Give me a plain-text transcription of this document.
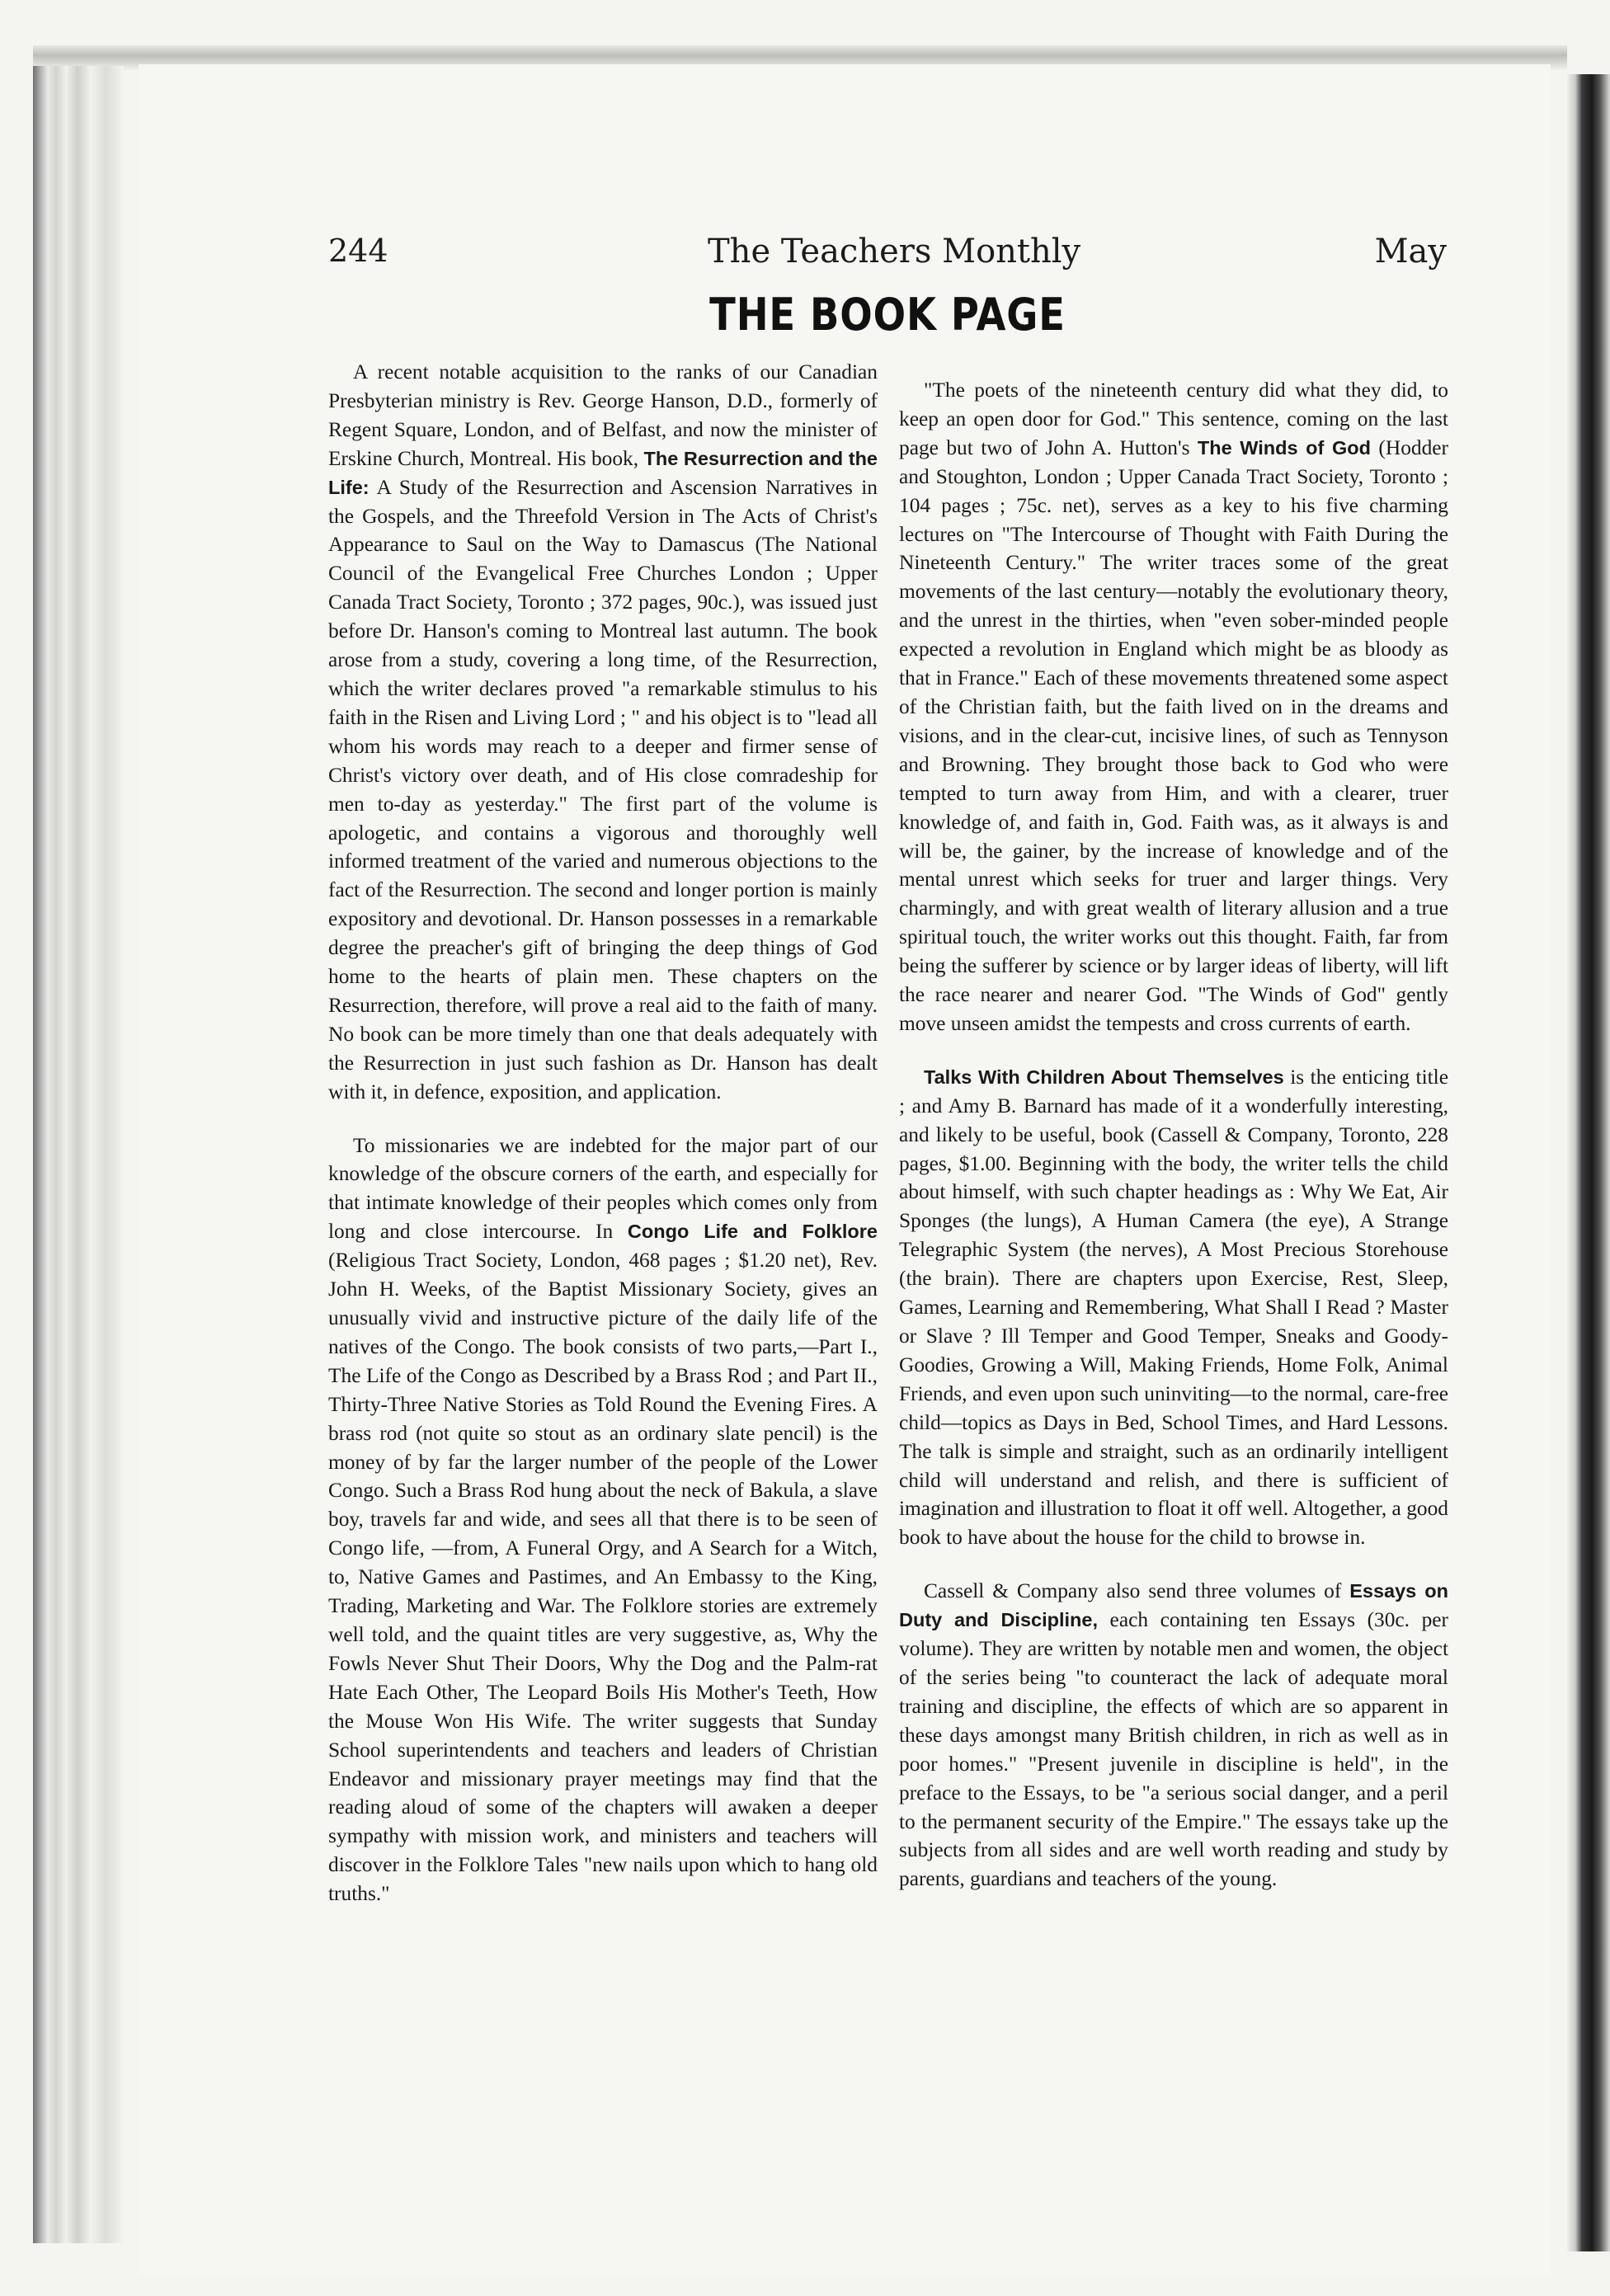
244	The Teachers Monthly	May
THE BOOK PAGE

A recent notable acquisition to the ranks of our Canadian Presbyterian ministry is Rev. George Hanson, D.D., formerly of Regent Square, London, and of Belfast, and now the minister of Erskine Church, Montreal. His book, The Resurrection and the Life: A Study of the Resurrection and Ascension Narratives in the Gospels, and the Threefold Version in The Acts of Christ's Appearance to Saul on the Way to Damascus (The National Council of the Evangelical Free Churches London ; Upper Canada Tract Society, Toronto ; 372 pages, 90c.), was issued just before Dr. Hanson's coming to Montreal last autumn. The book arose from a study, covering a long time, of the Resurrection, which the writer declares proved "a remarkable stimulus to his faith in the Risen and Living Lord ; " and his object is to "lead all whom his words may reach to a deeper and firmer sense of Christ's victory over death, and of His close comradeship for men to-day as yesterday." The first part of the volume is apologetic, and contains a vigorous and thoroughly well informed treatment of the varied and numerous objections to the fact of the Resurrection. The second and longer portion is mainly expository and devotional. Dr. Hanson possesses in a remarkable degree the preacher's gift of bringing the deep things of God home to the hearts of plain men. These chapters on the Resurrection, therefore, will prove a real aid to the faith of many. No book can be more timely than one that deals adequately with the Resurrection in just such fashion as Dr. Hanson has dealt with it, in defence, exposition, and application.

To missionaries we are indebted for the major part of our knowledge of the obscure corners of the earth, and especially for that intimate knowledge of their peoples which comes only from long and close intercourse. In Congo Life and Folklore (Religious Tract Society, London, 468 pages ; $1.20 net), Rev. John H. Weeks, of the Baptist Missionary Society, gives an unusually vivid and instructive picture of the daily life of the natives of the Congo. The book consists of two parts,—Part I., The Life of the Congo as Described by a Brass Rod ; and Part II., Thirty-Three Native Stories as Told Round the Evening Fires. A brass rod (not quite so stout as an ordinary slate pencil) is the money of by far the larger number of the people of the Lower Congo. Such a Brass Rod hung about the neck of Bakula, a slave boy, travels far and wide, and sees all that there is to be seen of Congo life, —from, A Funeral Orgy, and A Search for a Witch, to, Native Games and Pastimes, and An Embassy to the King, Trading, Marketing and War. The Folklore stories are extremely well told, and the quaint titles are very suggestive, as, Why the Fowls Never Shut Their Doors, Why the Dog and the Palm-rat Hate Each Other, The Leopard Boils His Mother's Teeth, How the Mouse Won His Wife. The writer suggests that Sunday School superintendents and teachers and leaders of Christian Endeavor and missionary prayer meetings may find that the reading aloud of some of the chapters will awaken a deeper sympathy with mission work, and ministers and teachers will discover in the Folklore Tales "new nails upon which to hang old truths."

"The poets of the nineteenth century did what they did, to keep an open door for God." This sentence, coming on the last page but two of John A. Hutton's The Winds of God (Hodder and Stoughton, London ; Upper Canada Tract Society, Toronto ; 104 pages ; 75c. net), serves as a key to his five charming lectures on "The Intercourse of Thought with Faith During the Nineteenth Century." The writer traces some of the great movements of the last century—notably the evolutionary theory, and the unrest in the thirties, when "even sober-minded people expected a revolution in England which might be as bloody as that in France." Each of these movements threatened some aspect of the Christian faith, but the faith lived on in the dreams and visions, and in the clear-cut, incisive lines, of such as Tennyson and Browning. They brought those back to God who were tempted to turn away from Him, and with a clearer, truer knowledge of, and faith in, God. Faith was, as it always is and will be, the gainer, by the increase of knowledge and of the mental unrest which seeks for truer and larger things. Very charmingly, and with great wealth of literary allusion and a true spiritual touch, the writer works out this thought. Faith, far from being the sufferer by science or by larger ideas of liberty, will lift the race nearer and nearer God. "The Winds of God" gently move unseen amidst the tempests and cross currents of earth.

Talks With Children About Themselves is the enticing title ; and Amy B. Barnard has made of it a wonderfully interesting, and likely to be useful, book (Cassell & Company, Toronto, 228 pages, $1.00. Beginning with the body, the writer tells the child about himself, with such chapter headings as : Why We Eat, Air Sponges (the lungs), A Human Camera (the eye), A Strange Telegraphic System (the nerves), A Most Precious Storehouse (the brain). There are chapters upon Exercise, Rest, Sleep, Games, Learning and Remembering, What Shall I Read ? Master or Slave ? Ill Temper and Good Temper, Sneaks and Goody-Goodies, Growing a Will, Making Friends, Home Folk, Animal Friends, and even upon such uninviting—to the normal, care-free child—topics as Days in Bed, School Times, and Hard Lessons. The talk is simple and straight, such as an ordinarily intelligent child will understand and relish, and there is sufficient of imagination and illustration to float it off well. Altogether, a good book to have about the house for the child to browse in.

Cassell & Company also send three volumes of Essays on Duty and Discipline, each containing ten Essays (30c. per volume). They are written by notable men and women, the object of the series being "to counteract the lack of adequate moral training and discipline, the effects of which are so apparent in these days amongst many British children, in rich as well as in poor homes." "Present juvenile in discipline is held", in the preface to the Essays, to be "a serious social danger, and a peril to the permanent security of the Empire." The essays take up the subjects from all sides and are well worth reading and study by parents, guardians and teachers of the young.
